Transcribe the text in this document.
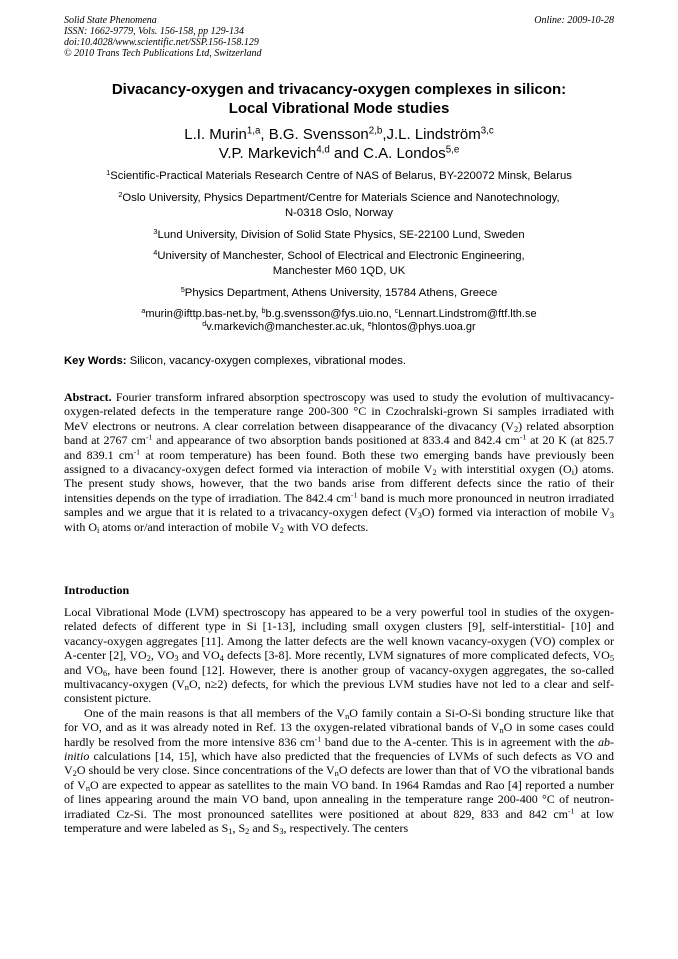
Solid State Phenomena
ISSN: 1662-9779, Vols. 156-158, pp 129-134
doi:10.4028/www.scientific.net/SSP.156-158.129
© 2010 Trans Tech Publications Ltd, Switzerland
Online: 2009-10-28
Divacancy-oxygen and trivacancy-oxygen complexes in silicon:
Local Vibrational Mode studies
L.I. Murin$^{1,a}$, B.G. Svensson$^{2,b}$,J.L. Lindström$^{3,c}$
V.P. Markevich$^{4,d}$ and C.A. Londos$^{5,e}$
$^1$Scientific-Practical Materials Research Centre of NAS of Belarus, BY-220072 Minsk, Belarus
$^2$Oslo University, Physics Department/Centre for Materials Science and Nanotechnology,
N-0318 Oslo, Norway
$^3$Lund University, Division of Solid State Physics, SE-22100 Lund, Sweden
$^4$University of Manchester, School of Electrical and Electronic Engineering,
Manchester M60 1QD, UK
$^5$Physics Department, Athens University, 15784 Athens, Greece
$^a$murin@ifttp.bas-net.by, $^b$b.g.svensson@fys.uio.no, $^c$Lennart.Lindstrom@ftf.lth.se
$^d$v.markevich@manchester.ac.uk, $^e$hlontos@phys.uoa.gr
Key Words: Silicon, vacancy-oxygen complexes, vibrational modes.

Abstract. Fourier transform infrared absorption spectroscopy was used to study the evolution of multivacancy-oxygen-related defects in the temperature range 200-300 °C in Czochralski-grown Si samples irradiated with MeV electrons or neutrons. A clear correlation between disappearance of the divacancy $(V_2)$ related absorption band at 2767 $cm^{-1}$ and appearance of two absorption bands positioned at 833.4 and 842.4 $cm^{-1}$ at 20 K (at 825.7 and 839.1 $cm^{-1}$ at room temperature) has been found. Both these two emerging bands have previously been assigned to a divacancy-oxygen defect formed via interaction of mobile $V_2$ with interstitial oxygen $(O_i)$ atoms. The present study shows, however, that the two bands arise from different defects since the ratio of their intensities depends on the type of irradiation. The 842.4 $cm^{-1}$ band is much more pronounced in neutron irradiated samples and we argue that it is related to a trivacancy-oxygen defect $(V_3O)$ formed via interaction of mobile $V_3$ with $O_i$ atoms or/and interaction of mobile $V_2$ with VO defects.

Introduction

Local Vibrational Mode (LVM) spectroscopy has appeared to be a very powerful tool in studies of the oxygen-related defects of different type in Si [1-13], including small oxygen clusters [9], self-interstitial- [10] and vacancy-oxygen aggregates [11]. Among the latter defects are the well known vacancy-oxygen (VO) complex or A-center [2], $VO_2$, $VO_3$ and $VO_4$ defects [3-8]. More recently, LVM signatures of more complicated defects, $VO_5$ and $VO_6$, have been found [12]. However, there is another group of vacancy-oxygen aggregates, the so-called multivacancy-oxygen ($V_nO$, n≥2) defects, for which the previous LVM studies have not led to a clear and self-consistent picture.

One of the main reasons is that all members of the $V_nO$ family contain a Si-O-Si bonding structure like that for VO, and as it was already noted in Ref. 13 the oxygen-related vibrational bands of $V_nO$ in some cases could hardly be resolved from the more intensive 836 $cm^{-1}$ band due to the A-center. This is in agreement with the ab-initio calculations [14, 15], which have also predicted that the frequencies of LVMs of such defects as VO and $V_2O$ should be very close. Since concentrations of the $V_nO$ defects are lower than that of VO the vibrational bands of $V_nO$ are expected to appear as satellites to the main VO band. In 1964 Ramdas and Rao [4] reported a number of lines appearing around the main VO band, upon annealing in the temperature range 200-400 °C of neutron-irradiated Cz-Si. The most pronounced satellites were positioned at about 829, 833 and 842 $cm^{-1}$ at low temperature and were labeled as $S_1$, $S_2$ and $S_3$, respectively. The centers
